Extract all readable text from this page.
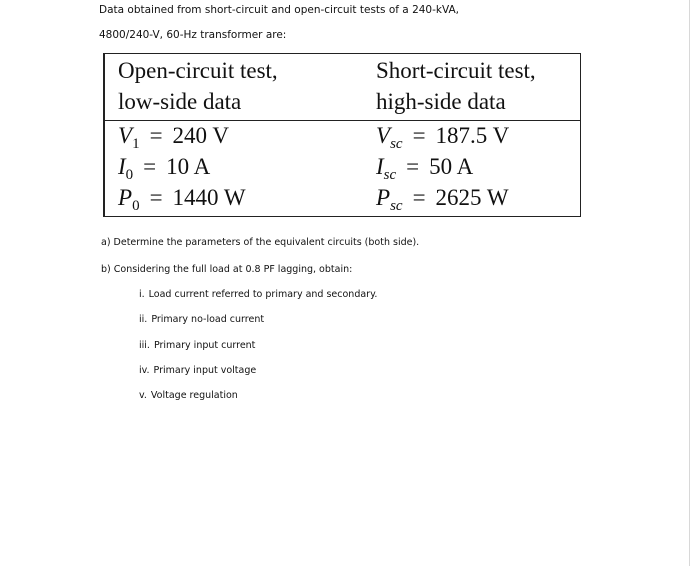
Data obtained from short-circuit and open-circuit tests of a 240-kVA,
4800/240-V, 60-Hz transformer are:
Open-circuit test,
low-side data
Short-circuit test,
high-side data
$V_1 = 240$ V
$I_0 = 10$ A
$P_0 = 1440$ W
$V_{sc} = 187.5$ V
$I_{sc} = 50$ A
$P_{sc} = 2625$ W
a) Determine the parameters of the equivalent circuits (both side).
b) Considering the full load at 0.8 PF lagging, obtain:
i. Load current referred to primary and secondary.
ii. Primary no-load current
iii. Primary input current
iv. Primary input voltage
v. Voltage regulation
